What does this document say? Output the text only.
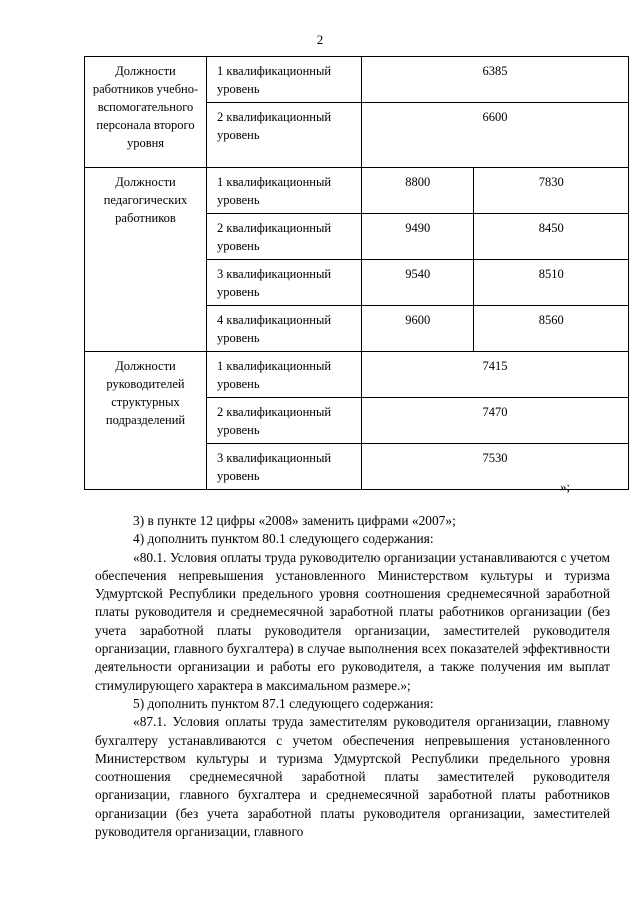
2
Должности работников учебно-вспомогательного персонала второго уровня	1 квалификационный уровень	6385	
	2 квалификационный уровень	6600	
Должности педагогических работников	1 квалификационный уровень	8800	7830
	2 квалификационный уровень	9490	8450
	3 квалификационный уровень	9540	8510
	4 квалификационный уровень	9600	8560
Должности руководителей структурных подразделений	1 квалификационный уровень	7415	
	2 квалификационный уровень	7470	
	3 квалификационный уровень	7530	
»;

3) в пункте 12 цифры «2008» заменить цифрами «2007»;

4) дополнить пунктом 80.1 следующего содержания:

«80.1. Условия оплаты труда руководителю организации устанавливаются с учетом обеспечения непревышения установленного Министерством культуры и туризма Удмуртской Республики предельного уровня соотношения среднемесячной заработной платы руководителя и среднемесячной заработной платы работников организации (без учета заработной платы руководителя организации, заместителей руководителя организации, главного бухгалтера) в случае выполнения всех показателей эффективности деятельности организации и работы его руководителя, а также получения им выплат стимулирующего характера в максимальном размере.»;

5) дополнить пунктом 87.1 следующего содержания:

«87.1. Условия оплаты труда заместителям руководителя организации, главному бухгалтеру устанавливаются с учетом обеспечения непревышения установленного Министерством культуры и туризма Удмуртской Республики предельного уровня соотношения среднемесячной заработной платы заместителей руководителя организации, главного бухгалтера и среднемесячной заработной платы работников организации (без учета заработной платы руководителя организации, заместителей руководителя организации, главного
